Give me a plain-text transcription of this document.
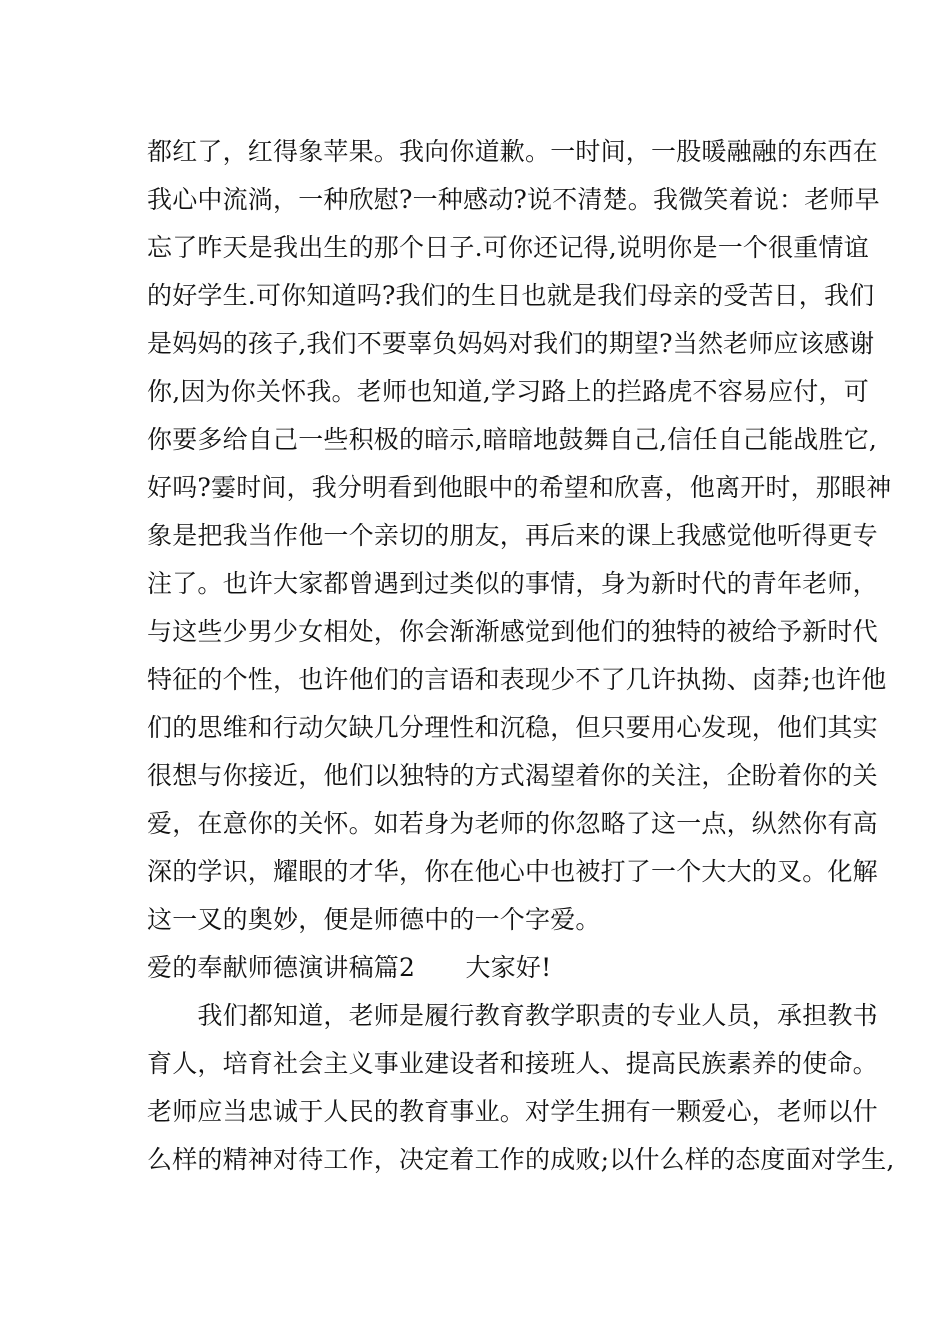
都红了，红得象苹果。我向你道歉。一时间，一股暖融融的东西在
我心中流淌，一种欣慰?一种感动?说不清楚。我微笑着说：老师早
忘了昨天是我出生的那个日子.可你还记得,说明你是一个很重情谊
的好学生.可你知道吗?我们的生日也就是我们母亲的受苦日，我们
是妈妈的孩子,我们不要辜负妈妈对我们的期望?当然老师应该感谢
你,因为你关怀我。老师也知道,学习路上的拦路虎不容易应付，可
你要多给自己一些积极的暗示,暗暗地鼓舞自己,信任自己能战胜它,
好吗?霎时间，我分明看到他眼中的希望和欣喜，他离开时，那眼神
象是把我当作他一个亲切的朋友，再后来的课上我感觉他听得更专
注了。也许大家都曾遇到过类似的事情，身为新时代的青年老师，
与这些少男少女相处，你会渐渐感觉到他们的独特的被给予新时代
特征的个性，也许他们的言语和表现少不了几许执拗、卤莽;也许他
们的思维和行动欠缺几分理性和沉稳，但只要用心发现，他们其实
很想与你接近，他们以独特的方式渴望着你的关注，企盼着你的关
爱，在意你的关怀。如若身为老师的你忽略了这一点，纵然你有高
深的学识，耀眼的才华，你在他心中也被打了一个大大的叉。化解
这一叉的奥妙，便是师德中的一个字爱。
爱的奉献师德演讲稿篇2　　大家好!
　　我们都知道，老师是履行教育教学职责的专业人员，承担教书
育人，培育社会主义事业建设者和接班人、提高民族素养的使命。
老师应当忠诚于人民的教育事业。对学生拥有一颗爱心，老师以什
么样的精神对待工作，决定着工作的成败;以什么样的态度面对学生,
